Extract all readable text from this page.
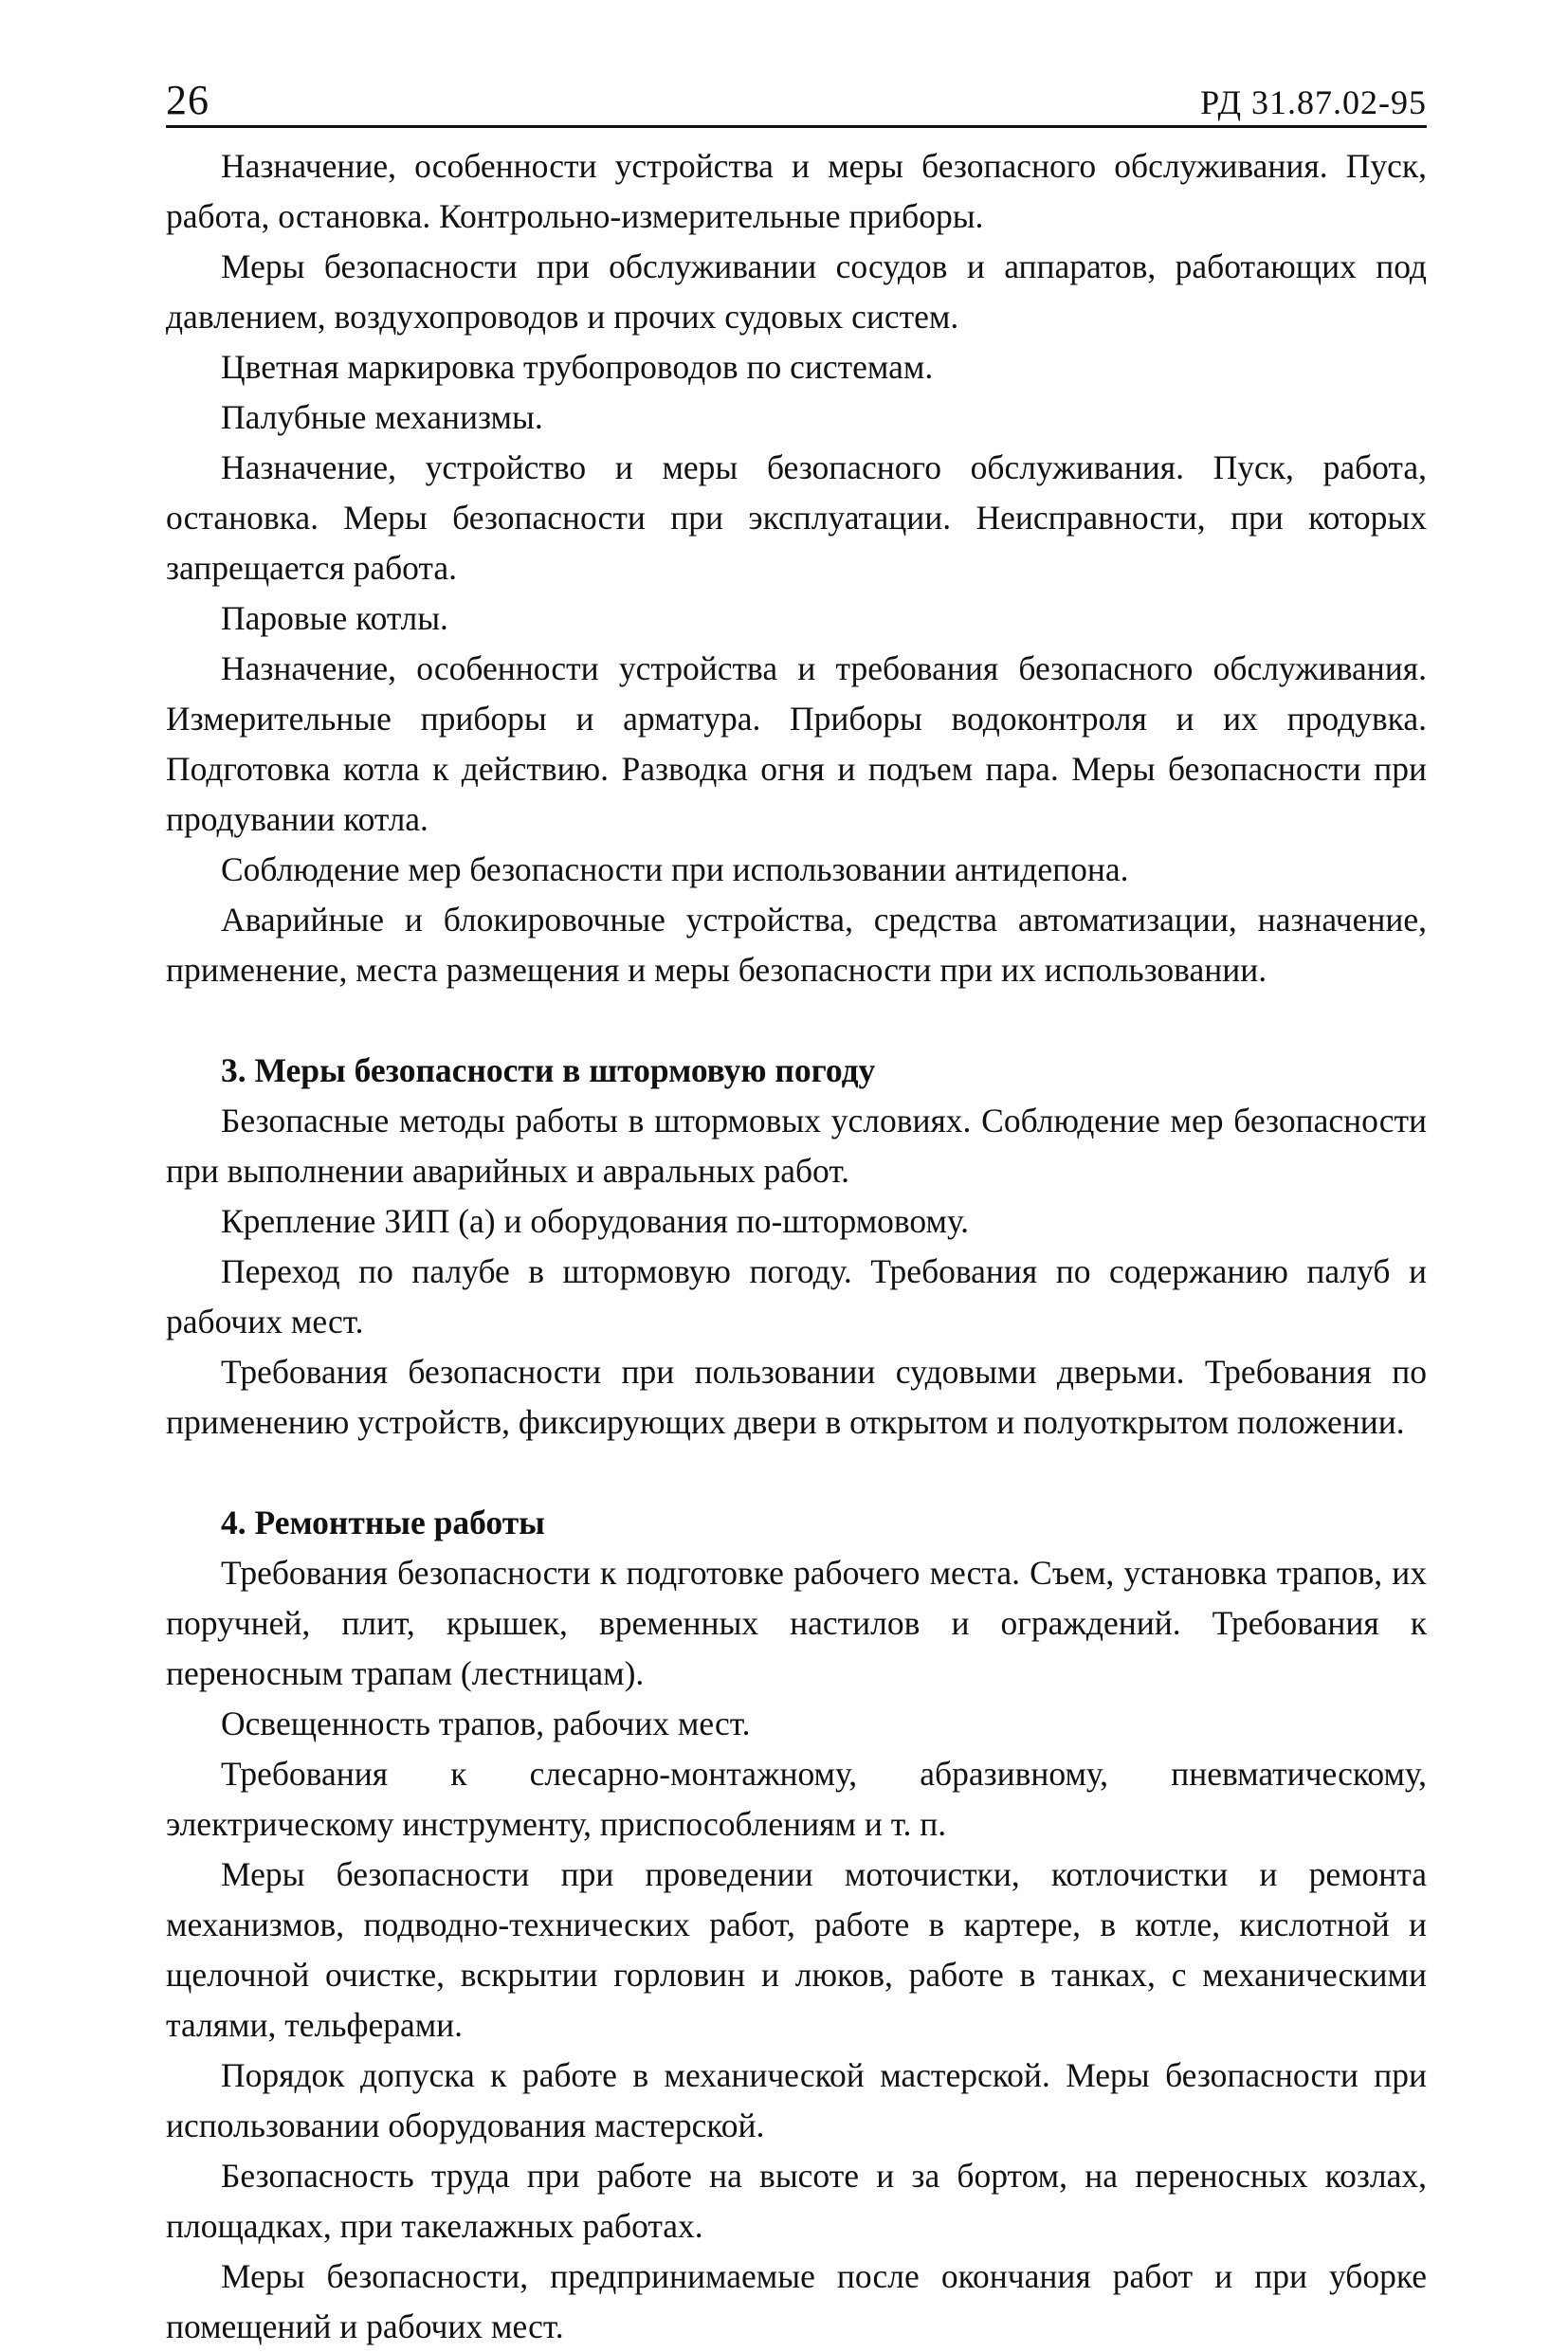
26	РД 31.87.02-95

Назначение, особенности устройства и меры безопасного обслуживания. Пуск, работа, остановка. Контрольно-измерительные приборы.

Меры безопасности при обслуживании сосудов и аппаратов, работающих под давлением, воздухопроводов и прочих судовых систем.

Цветная маркировка трубопроводов по системам.

Палубные механизмы.

Назначение, устройство и меры безопасного обслуживания. Пуск, работа, остановка. Меры безопасности при эксплуатации. Неисправности, при которых запрещается работа.

Паровые котлы.

Назначение, особенности устройства и требования безопасного обслуживания. Измерительные приборы и арматура. Приборы водоконтроля и их продувка. Подготовка котла к действию. Разводка огня и подъем пара. Меры безопасности при продувании котла.

Соблюдение мер безопасности при использовании антидепона.

Аварийные и блокировочные устройства, средства автоматизации, назначение, применение, места размещения и меры безопасности при их использовании.

3. Меры безопасности в штормовую погоду

Безопасные методы работы в штормовых условиях. Соблюдение мер безопасности при выполнении аварийных и авральных работ.

Крепление ЗИП (а) и оборудования по-штормовому.

Переход по палубе в штормовую погоду. Требования по содержанию палуб и рабочих мест.

Требования безопасности при пользовании судовыми дверьми. Требования по применению устройств, фиксирующих двери в открытом и полуоткрытом положении.

4. Ремонтные работы

Требования безопасности к подготовке рабочего места. Съем, установка трапов, их поручней, плит, крышек, временных настилов и ограждений. Требования к переносным трапам (лестницам).

Освещенность трапов, рабочих мест.

Требования к слесарно-монтажному, абразивному, пневматическому, электрическому инструменту, приспособлениям и т. п.

Меры безопасности при проведении моточистки, котлочистки и ремонта механизмов, подводно-технических работ, работе в картере, в котле, кислотной и щелочной очистке, вскрытии горловин и люков, работе в танках, с механическими талями, тельферами.

Порядок допуска к работе в механической мастерской. Меры безопасности при использовании оборудования мастерской.

Безопасность труда при работе на высоте и за бортом, на переносных козлах, площадках, при такелажных работах.

Меры безопасности, предпринимаемые после окончания работ и при уборке помещений и рабочих мест.
